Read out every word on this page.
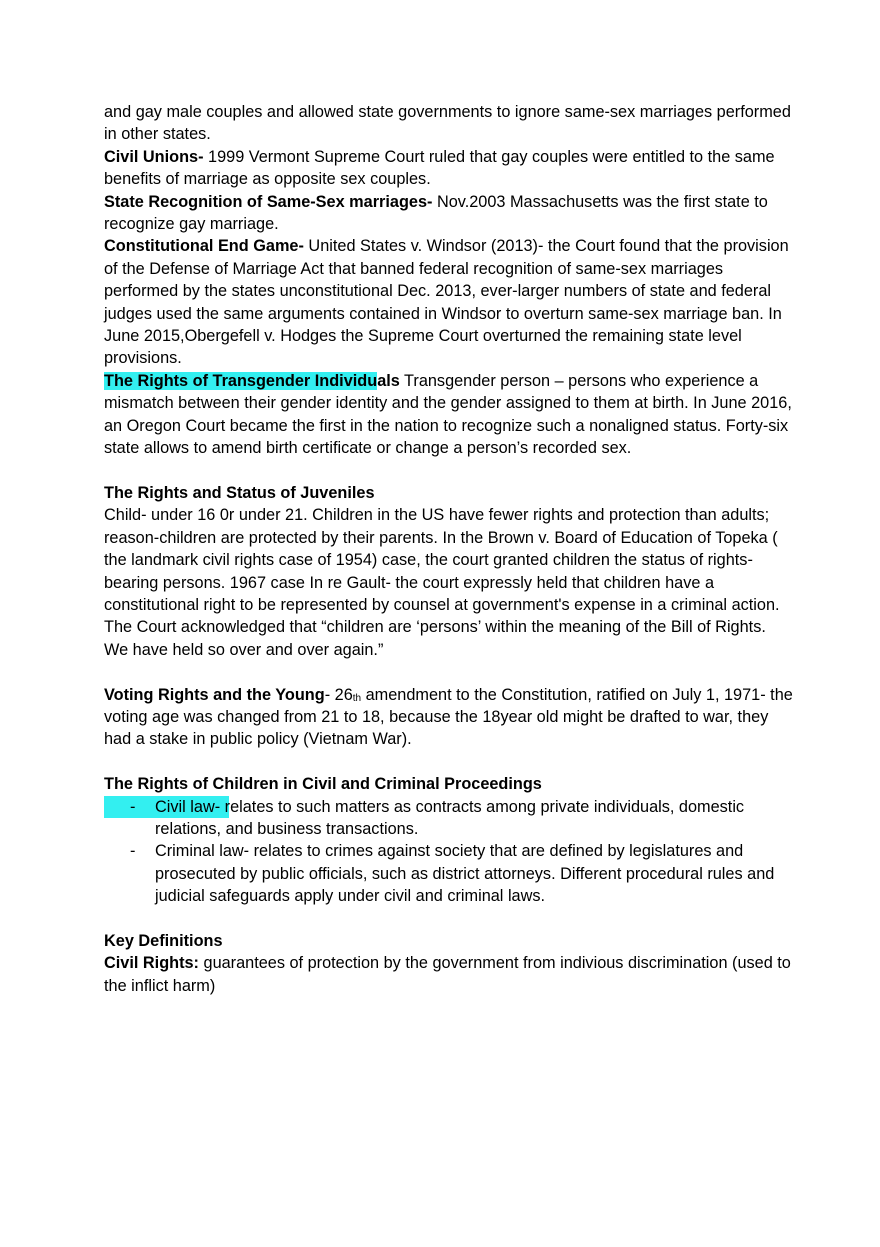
and gay male couples and allowed state governments to ignore same-sex marriages performed in other states.

Civil Unions- 1999 Vermont Supreme Court ruled that gay couples were entitled to the same benefits of marriage as opposite sex couples.

State Recognition of Same-Sex marriages- Nov.2003 Massachusetts was the first state to recognize gay marriage.

Constitutional End Game- United States v. Windsor (2013)- the Court found that the provision of the Defense of Marriage Act that banned federal recognition of same-sex marriages performed by the states unconstitutional Dec. 2013, ever-larger numbers of state and federal judges used the same arguments contained in Windsor to overturn same-sex marriage ban. In June 2015,Obergefell v. Hodges the Supreme Court overturned the remaining state level provisions.

The Rights of Transgender Individuals Transgender person – persons who experience a mismatch between their gender identity and the gender assigned to them at birth. In June 2016, an Oregon Court became the first in the nation to recognize such a nonaligned status. Forty-six state allows to amend birth certificate or change a person’s recorded sex.

The Rights and Status of Juveniles

Child- under 16 0r under 21. Children in the US have fewer rights and protection than adults; reason-children are protected by their parents. In the Brown v. Board of Education of Topeka ( the landmark civil rights case of 1954) case, the court granted children the status of rights-bearing persons. 1967 case In re Gault- the court expressly held that children have a constitutional right to be represented by counsel at government's expense in a criminal action. The Court acknowledged that “children are ‘persons’ within the meaning of the Bill of Rights. We have held so over and over again.”

Voting Rights and the Young- 26th amendment to the Constitution, ratified on July 1, 1971- the voting age was changed from 21 to 18, because the 18year old might be drafted to war, they had a stake in public policy (Vietnam War).

The Rights of Children in Civil and Criminal Proceedings

- Civil law- relates to such matters as contracts among private individuals, domestic relations, and business transactions.
- Criminal law- relates to crimes against society that are defined by legislatures and prosecuted by public officials, such as district attorneys. Different procedural rules and judicial safeguards apply under civil and criminal laws.

Key Definitions

Civil Rights: guarantees of protection by the government from indivious discrimination (used to the inflict harm)
